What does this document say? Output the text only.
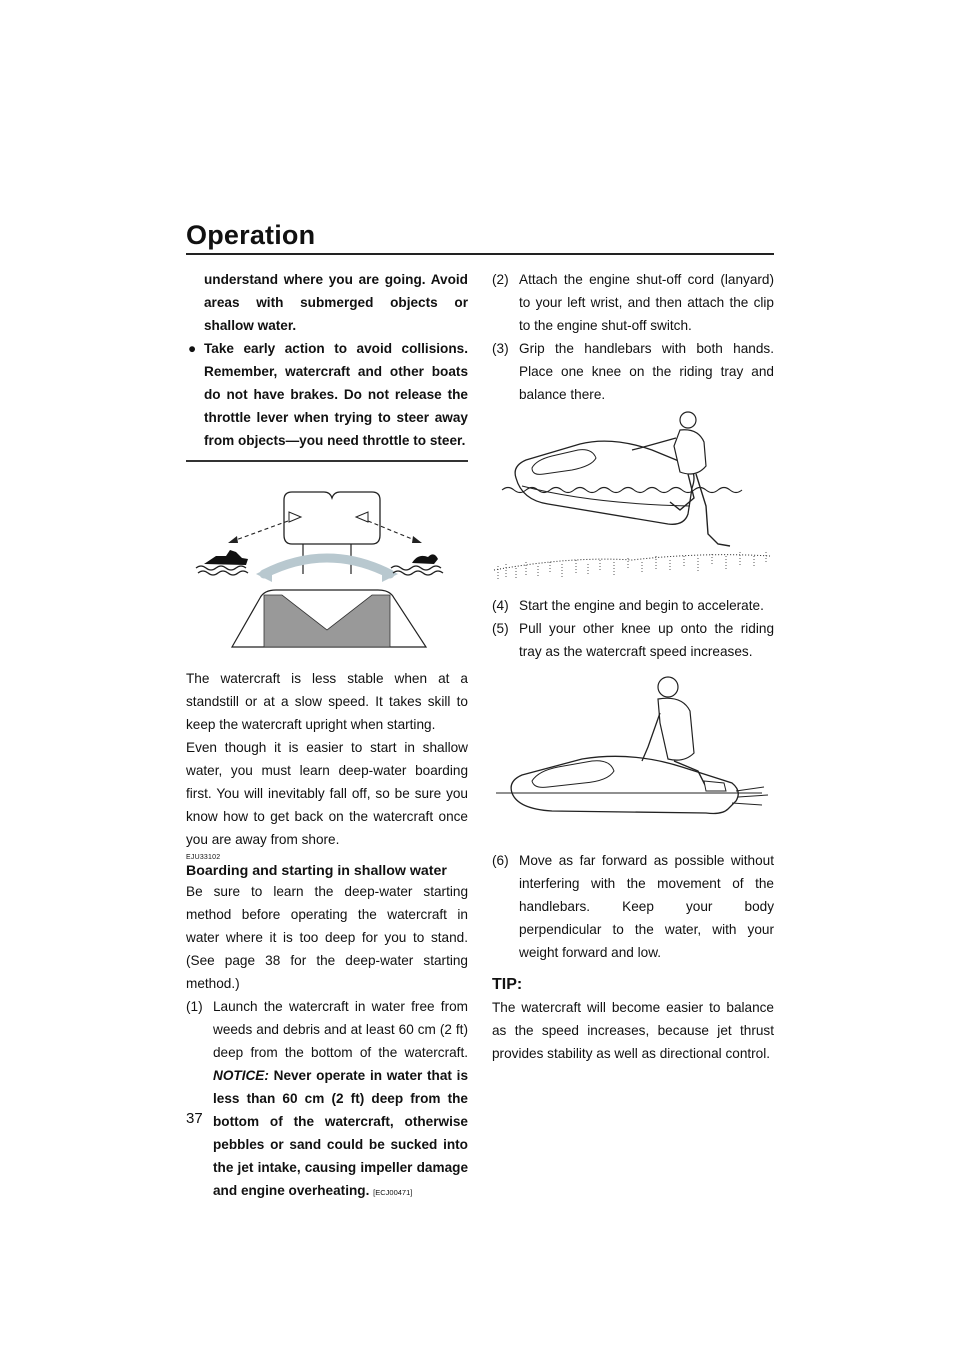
Operation

understand where you are going. Avoid areas with submerged objects or shallow water.

● Take early action to avoid collisions. Remember, watercraft and other boats do not have brakes. Do not release the throttle lever when trying to steer away from objects—you need throttle to steer.

The watercraft is less stable when at a standstill or at a slow speed. It takes skill to keep the watercraft upright when starting.

Even though it is easier to start in shallow water, you must learn deep-water boarding first. You will inevitably fall off, so be sure you know how to get back on the watercraft once you are away from shore.

EJU33102
Boarding and starting in shallow water

Be sure to learn the deep-water starting method before operating the watercraft in water where it is too deep for you to stand. (See page 38 for the deep-water starting method.)

(1) Launch the watercraft in water free from weeds and debris and at least 60 cm (2 ft) deep from the bottom of the watercraft. NOTICE: Never operate in water that is less than 60 cm (2 ft) deep from the bottom of the watercraft, otherwise pebbles or sand could be sucked into the jet intake, causing impeller damage and engine overheating. [ECJ00471]
(2) Attach the engine shut-off cord (lanyard) to your left wrist, and then attach the clip to the engine shut-off switch.
(3) Grip the handlebars with both hands. Place one knee on the riding tray and balance there.
(4) Start the engine and begin to accelerate.
(5) Pull your other knee up onto the riding tray as the watercraft speed increases.
(6) Move as far forward as possible without interfering with the movement of the handlebars. Keep your body perpendicular to the water, with your weight forward and low.
TIP:

The watercraft will become easier to balance as the speed increases, because jet thrust provides stability as well as directional control.

37
